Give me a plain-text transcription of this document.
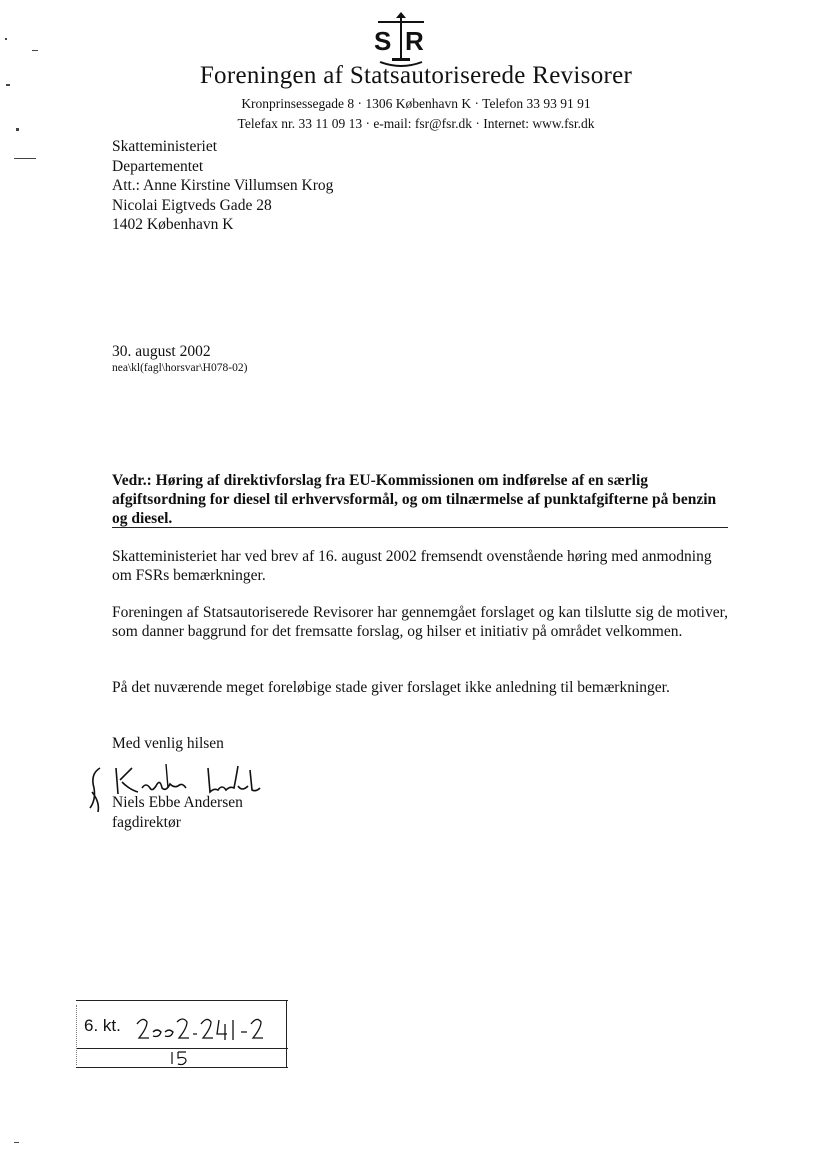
S R
Foreningen af Statsautoriserede Revisorer
Kronprinsessegade 8 · 1306 København K · Telefon 33 93 91 91
Telefax nr. 33 11 09 13 · e-mail: fsr@fsr.dk · Internet: www.fsr.dk
Skatteministeriet
Departementet
Att.: Anne Kirstine Villumsen Krog
Nicolai Eigtveds Gade 28
1402 København K
30. august 2002
nea\kl(fagl\horsvar\H078-02)
Vedr.: Høring af direktivforslag fra EU-Kommissionen om indførelse af en særlig afgiftsordning for diesel til erhvervsformål, og om tilnærmelse af punktafgifterne på benzin og diesel.
Skatteministeriet har ved brev af 16. august 2002 fremsendt ovenstående høring med anmodning om FSRs bemærkninger.
Foreningen af Statsautoriserede Revisorer har gennemgået forslaget og kan tilslutte sig de motiver, som danner baggrund for det fremsatte forslag, og hilser et initiativ på området velkommen.
På det nuværende meget foreløbige stade giver forslaget ikke anledning til bemærkninger.
Med venlig hilsen
Niels Ebbe Andersen
fagdirektør
6. kt.
